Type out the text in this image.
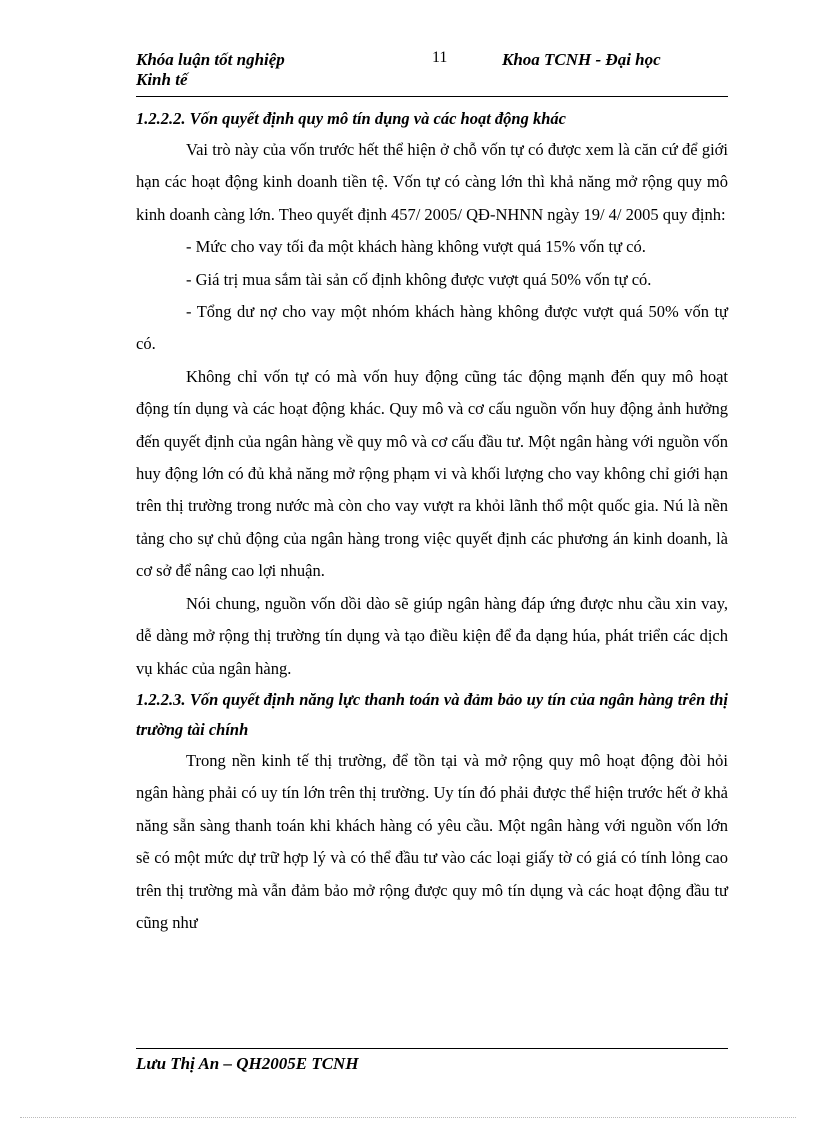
Khóa luận tốt nghiệp
Kinh tế
11	Khoa TCNH - Đại học
1.2.2.2. Vốn quyết định quy mô tín dụng và các hoạt động khác

Vai trò này của vốn trước hết thể hiện ở chỗ vốn tự có được xem là căn cứ để giới hạn các hoạt động kinh doanh tiền tệ. Vốn tự có càng lớn thì khả năng mở rộng quy mô kinh doanh càng lớn. Theo quyết định 457/ 2005/ QĐ-NHNN ngày 19/ 4/ 2005 quy định:

- Mức cho vay tối đa một khách hàng không vượt quá 15% vốn tự có.

- Giá trị mua sắm tài sản cố định không được vượt quá 50% vốn tự có.

- Tổng dư nợ cho vay một nhóm khách hàng không được vượt quá 50% vốn tự có.

Không chỉ vốn tự có mà vốn huy động cũng tác động mạnh đến quy mô hoạt động tín dụng và các hoạt động khác. Quy mô và cơ cấu nguồn vốn huy động ảnh hưởng đến quyết định của ngân hàng về quy mô và cơ cấu đầu tư. Một ngân hàng với nguồn vốn huy động lớn có đủ khả năng mở rộng phạm vi và khối lượng cho vay không chỉ giới hạn trên thị trường trong nước mà còn cho vay vượt ra khỏi lãnh thổ một quốc gia. Nú là nền tảng cho sự chủ động của ngân hàng trong việc quyết định các phương án kinh doanh, là cơ sở để nâng cao lợi nhuận.

Nói chung, nguồn vốn dồi dào sẽ giúp ngân hàng đáp ứng được nhu cầu xin vay, dễ dàng mở rộng thị trường tín dụng và tạo điều kiện để đa dạng húa, phát triển các dịch vụ khác của ngân hàng.

1.2.2.3. Vốn quyết định năng lực thanh toán và đảm bảo uy tín của ngân hàng trên thị trường tài chính

Trong nền kinh tế thị trường, để tồn tại và mở rộng quy mô hoạt động đòi hỏi ngân hàng phải có uy tín lớn trên thị trường. Uy tín đó phải được thể hiện trước hết ở khả năng sẵn sàng thanh toán khi khách hàng có yêu cầu. Một ngân hàng với nguồn vốn lớn sẽ có một mức dự trữ hợp lý và có thể đầu tư vào các loại giấy tờ có giá có tính lỏng cao trên thị trường mà vẫn đảm bảo mở rộng được quy mô tín dụng và các hoạt động đầu tư cũng như

Lưu Thị An – QH2005E TCNH
